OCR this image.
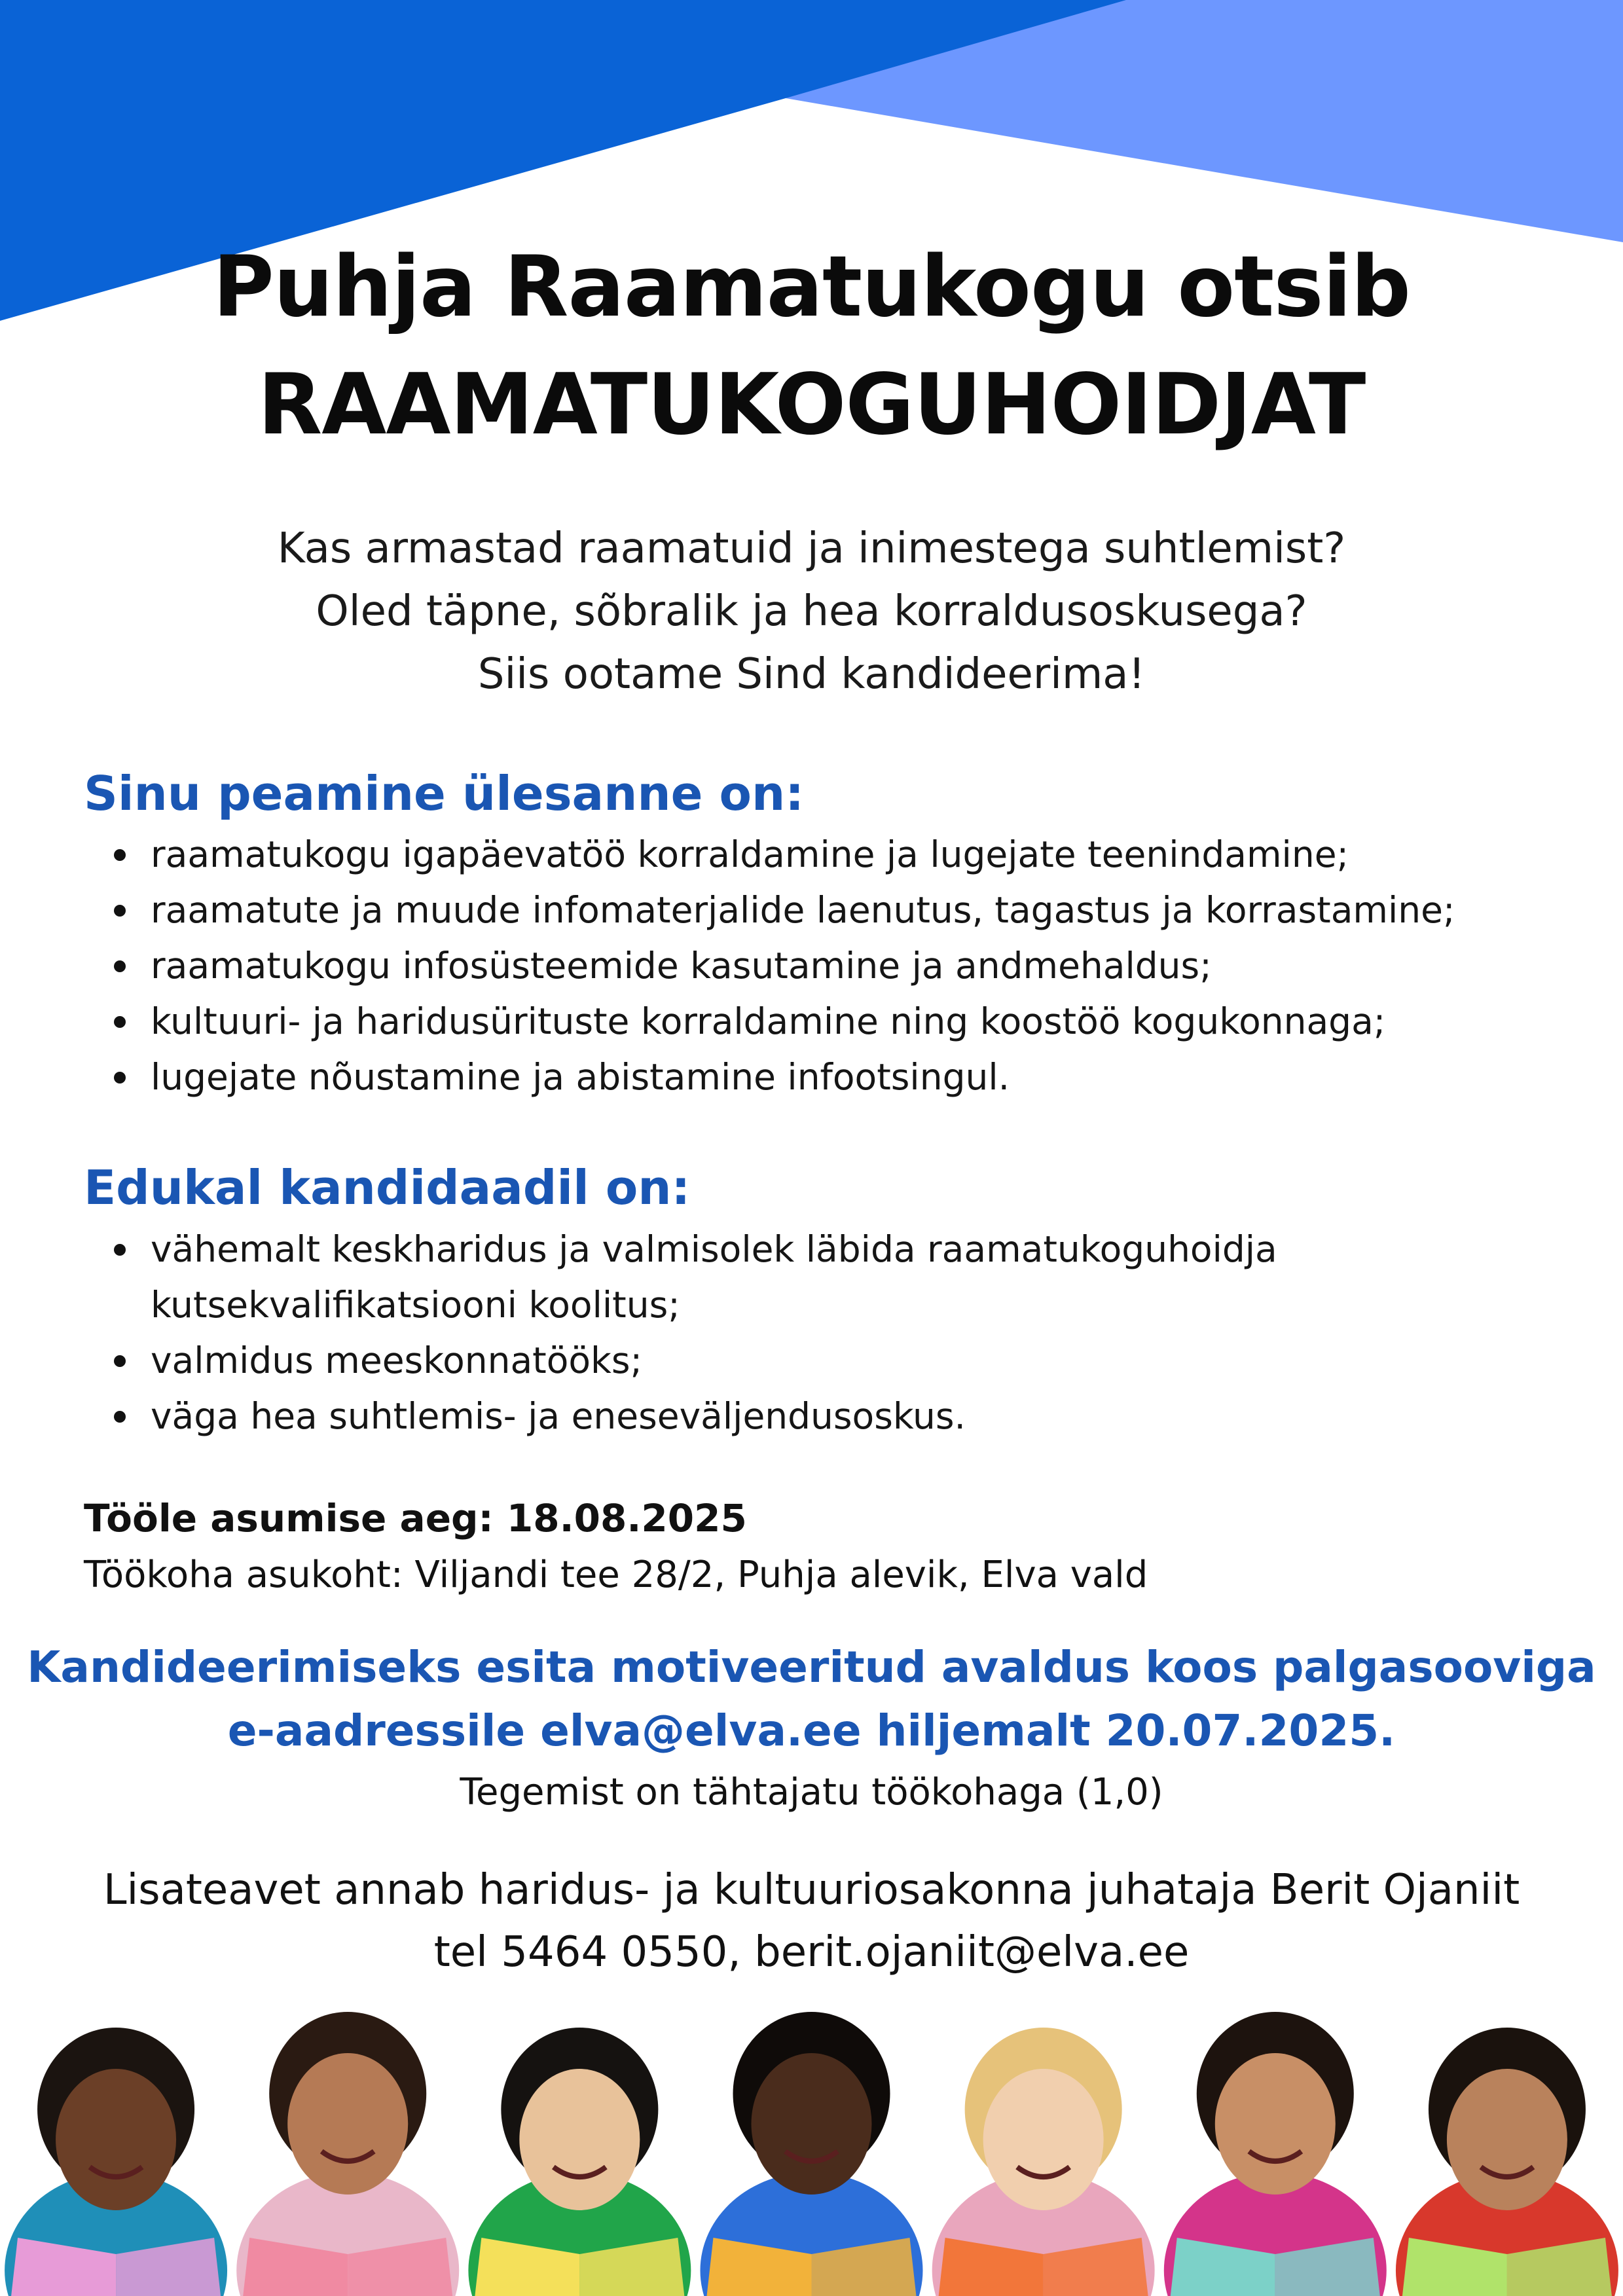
Puhja Raamatukogu otsib
RAAMATUKOGUHOIDJAT
Kas armastad raamatuid ja inimestega suhtlemist?
Oled täpne, sõbralik ja hea korraldusoskusega?
Siis ootame Sind kandideerima!
Sinu peamine ülesanne on:
raamatukogu igapäevatöö korraldamine ja lugejate teenindamine;
raamatute ja muude infomaterjalide laenutus, tagastus ja korrastamine;
raamatukogu infosüsteemide kasutamine ja andmehaldus;
kultuuri- ja haridusürituste korraldamine ning koostöö kogukonnaga;
lugejate nõustamine ja abistamine infootsingul.
Edukal kandidaadil on:
vähemalt keskharidus ja valmisolek läbida raamatukoguhoidja
kutsekvalifikatsiooni koolitus;
valmidus meeskonnatööks;
väga hea suhtlemis- ja eneseväljendusoskus.
Tööle asumise aeg: 18.08.2025
Töökoha asukoht: Viljandi tee 28/2, Puhja alevik, Elva vald
Kandideerimiseks esita motiveeritud avaldus koos palgasooviga
e-aadressile elva@elva.ee hiljemalt 20.07.2025.
Tegemist on tähtajatu töökohaga (1,0)
Lisateavet annab haridus- ja kultuuriosakonna juhataja Berit Ojaniit
tel 5464 0550, berit.ojaniit@elva.ee
